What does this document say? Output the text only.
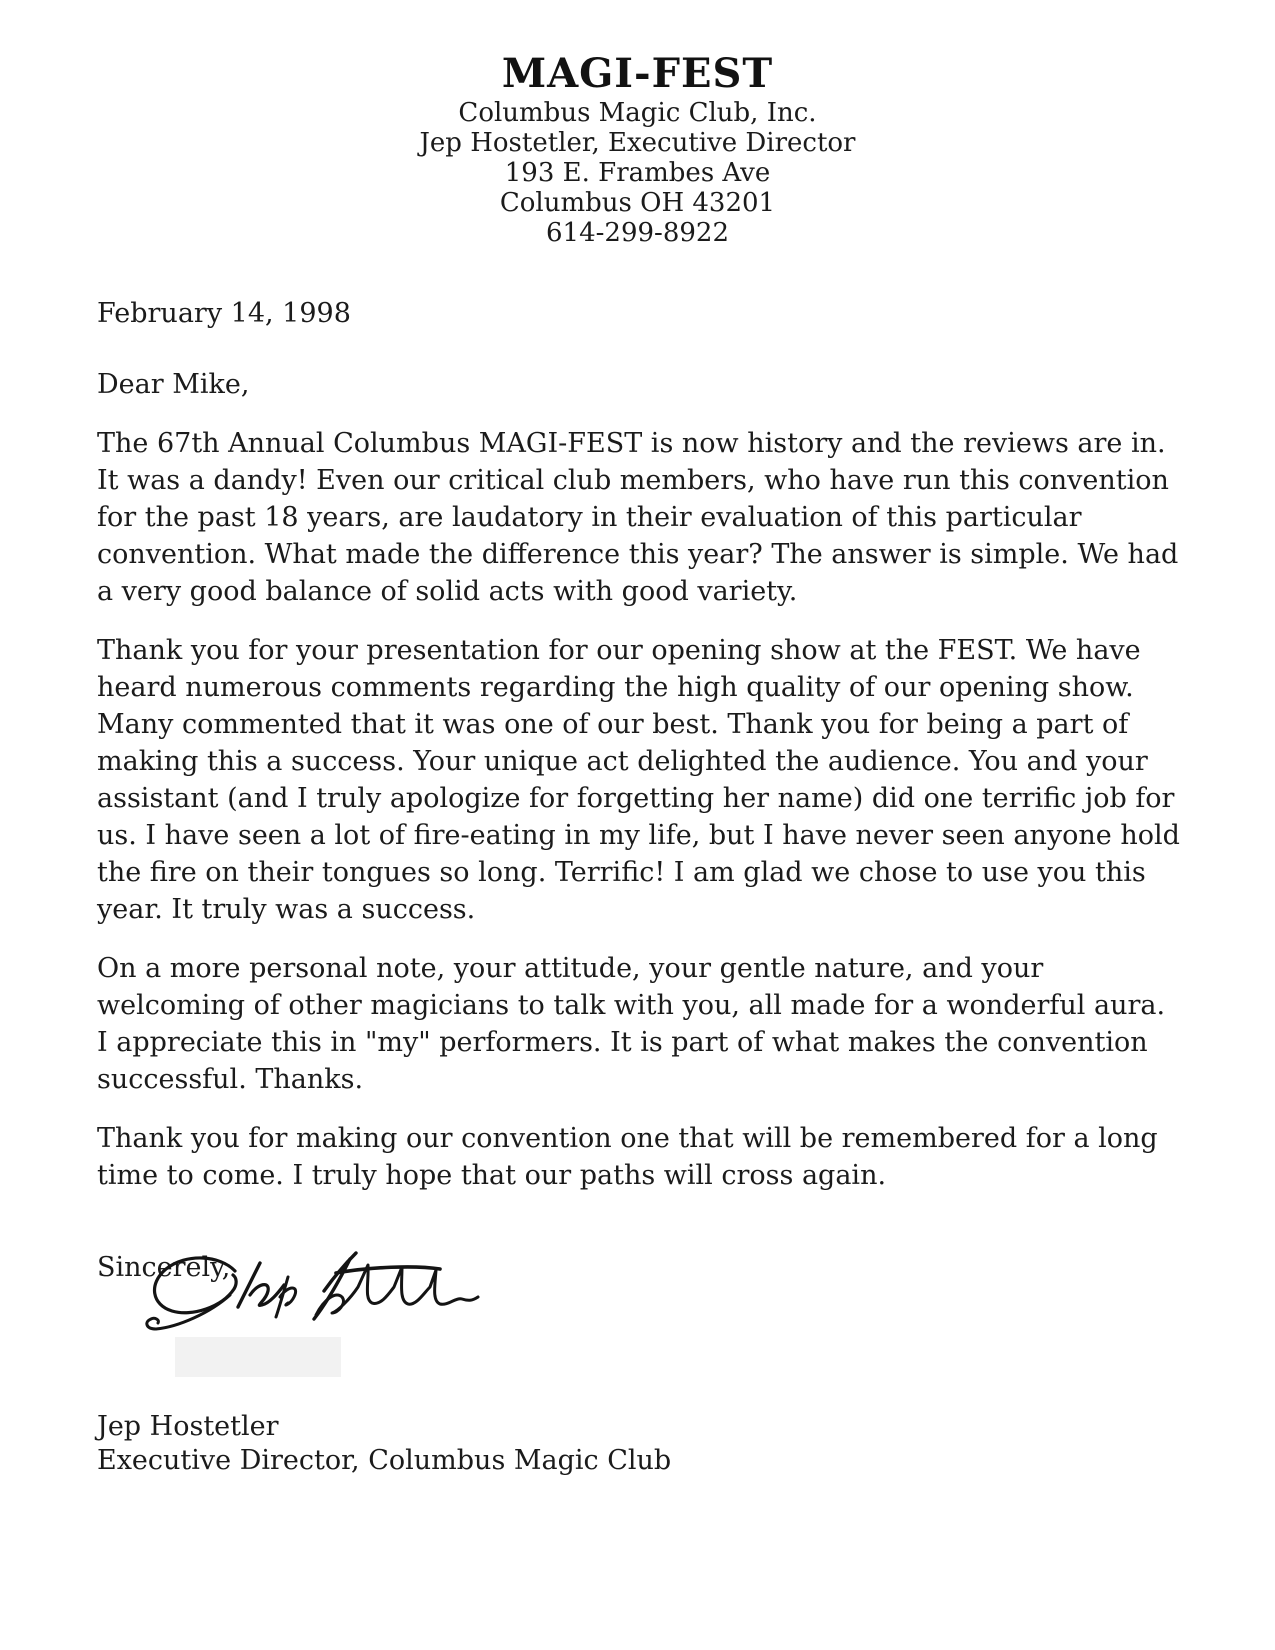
MAGI-FEST
Columbus Magic Club, Inc.
Jep Hostetler, Executive Director
193 E. Frambes Ave
Columbus OH 43201
614-299-8922
February 14, 1998
Dear Mike,

The 67th Annual Columbus MAGI-FEST is now history and the reviews are in. It was a dandy! Even our critical club members, who have run this convention for the past 18 years, are laudatory in their evaluation of this particular convention. What made the difference this year? The answer is simple. We had a very good balance of solid acts with good variety.

Thank you for your presentation for our opening show at the FEST. We have heard numerous comments regarding the high quality of our opening show. Many commented that it was one of our best. Thank you for being a part of making this a success. Your unique act delighted the audience. You and your assistant (and I truly apologize for forgetting her name) did one terrific job for us. I have seen a lot of fire-eating in my life, but I have never seen anyone hold the fire on their tongues so long. Terrific! I am glad we chose to use you this year. It truly was a success.

On a more personal note, your attitude, your gentle nature, and your welcoming of other magicians to talk with you, all made for a wonderful aura. I appreciate this in "my" performers. It is part of what makes the convention successful. Thanks.

Thank you for making our convention one that will be remembered for a long time to come. I truly hope that our paths will cross again.

Sincerely,
Jep Hostetler
Executive Director, Columbus Magic Club
